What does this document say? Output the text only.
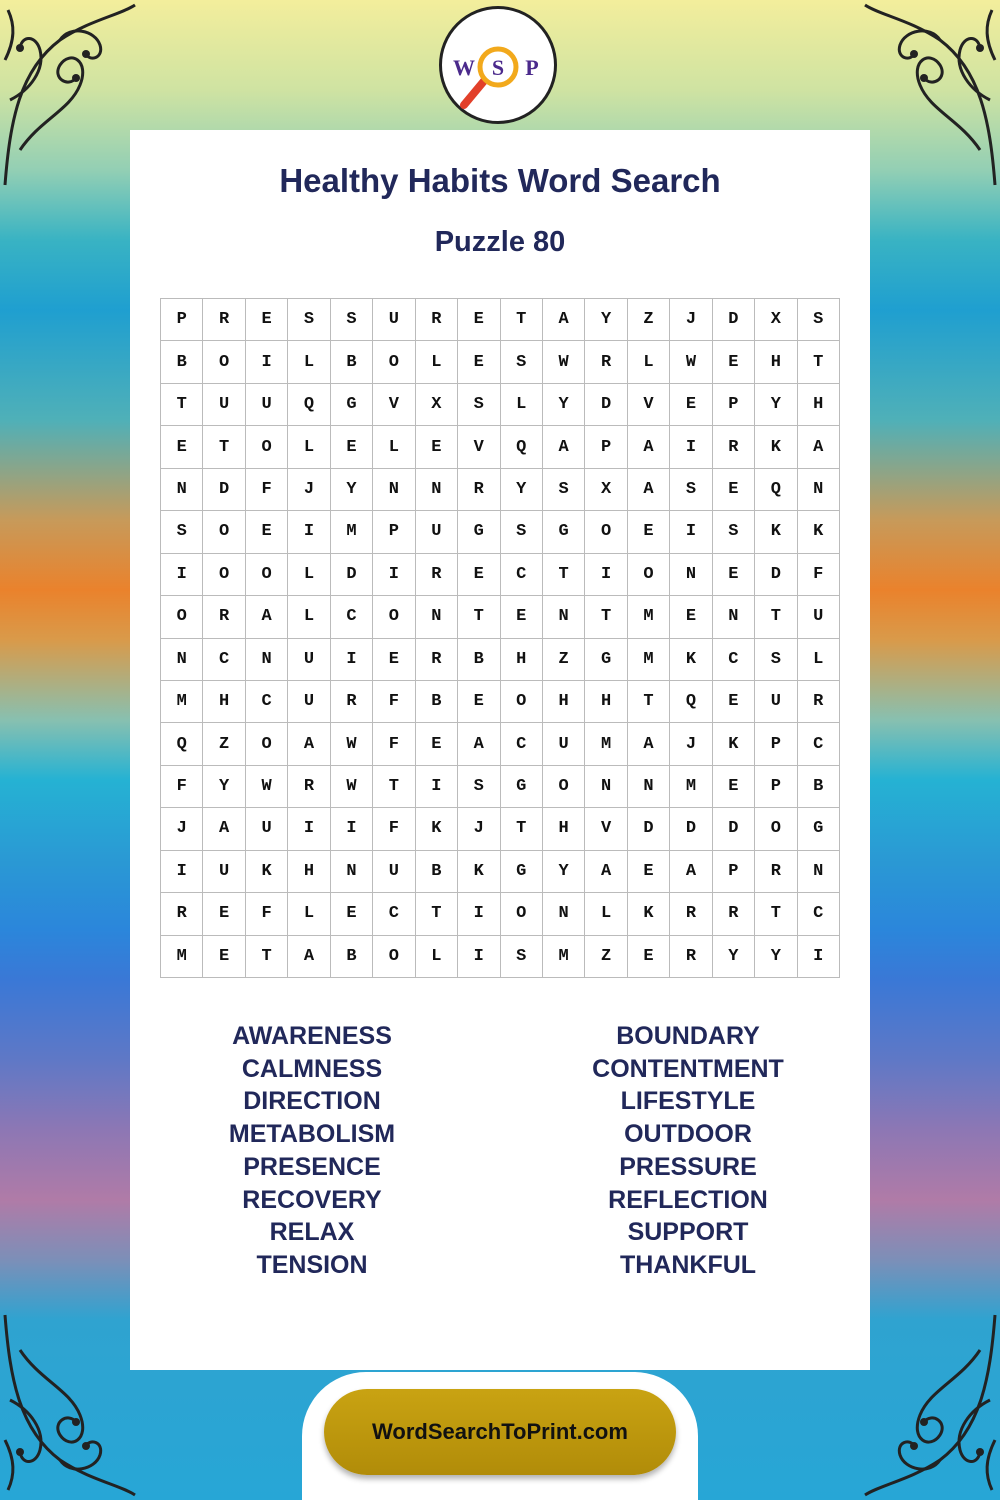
W S P
Healthy Habits Word Search
Puzzle 80
P	R	E	S	S	U	R	E	T	A	Y	Z	J	D	X	S
B	O	I	L	B	O	L	E	S	W	R	L	W	E	H	T
T	U	U	Q	G	V	X	S	L	Y	D	V	E	P	Y	H
E	T	O	L	E	L	E	V	Q	A	P	A	I	R	K	A
N	D	F	J	Y	N	N	R	Y	S	X	A	S	E	Q	N
S	O	E	I	M	P	U	G	S	G	O	E	I	S	K	K
I	O	O	L	D	I	R	E	C	T	I	O	N	E	D	F
O	R	A	L	C	O	N	T	E	N	T	M	E	N	T	U
N	C	N	U	I	E	R	B	H	Z	G	M	K	C	S	L
M	H	C	U	R	F	B	E	O	H	H	T	Q	E	U	R
Q	Z	O	A	W	F	E	A	C	U	M	A	J	K	P	C
F	Y	W	R	W	T	I	S	G	O	N	N	M	E	P	B
J	A	U	I	I	F	K	J	T	H	V	D	D	D	O	G
I	U	K	H	N	U	B	K	G	Y	A	E	A	P	R	N
R	E	F	L	E	C	T	I	O	N	L	K	R	R	T	C
M	E	T	A	B	O	L	I	S	M	Z	E	R	Y	Y	I
AWARENESS
CALMNESS
DIRECTION
METABOLISM
PRESENCE
RECOVERY
RELAX
TENSION
BOUNDARY
CONTENTMENT
LIFESTYLE
OUTDOOR
PRESSURE
REFLECTION
SUPPORT
THANKFUL
WordSearchToPrint.com
